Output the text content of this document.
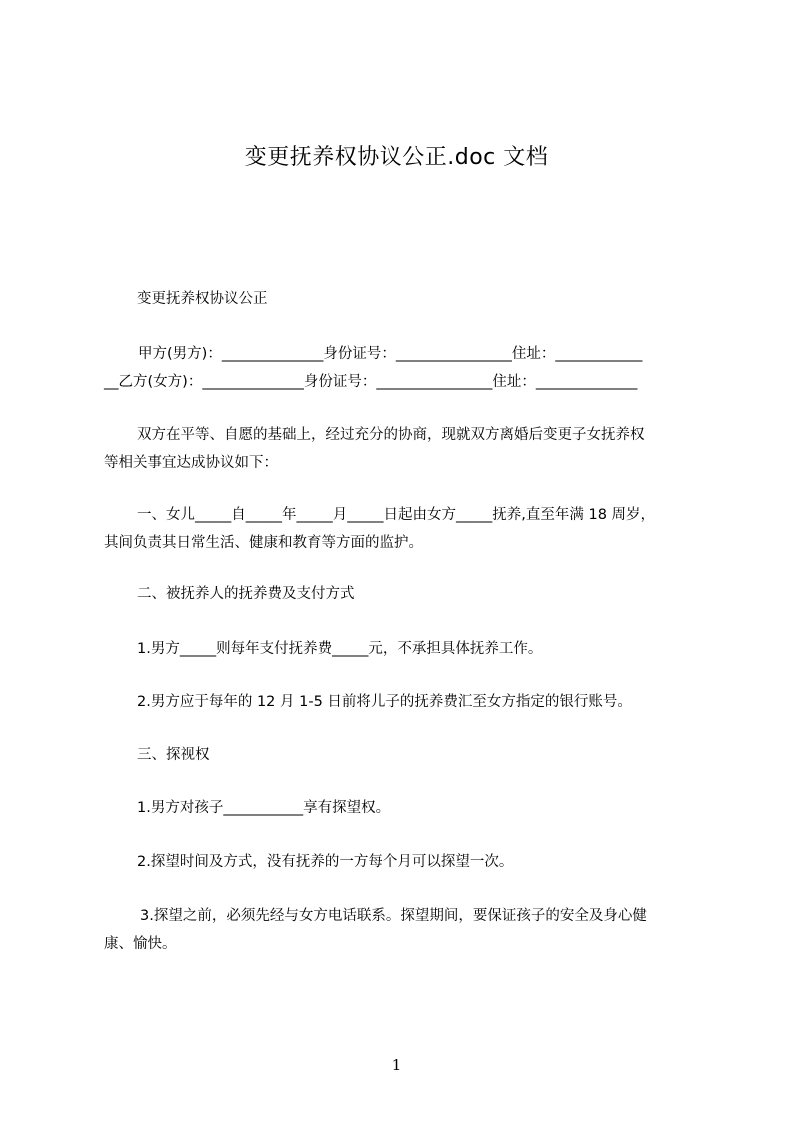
变更抚养权协议公正.doc 文档

变更抚养权协议公正

甲方(男方)：______________身份证号：________________住址：____________

__乙方(女方)：______________身份证号：________________住址：______________

双方在平等、自愿的基础上，经过充分的协商，现就双方离婚后变更子女抚养权

等相关事宜达成协议如下：

一、女儿_____自_____年_____月_____日起由女方_____抚养,直至年满 18 周岁，

其间负责其日常生活、健康和教育等方面的监护。

二、被抚养人的抚养费及支付方式

1.男方_____则每年支付抚养费_____元，不承担具体抚养工作。

2.男方应于每年的 12 月 1-5 日前将儿子的抚养费汇至女方指定的银行账号。

三、探视权

1.男方对孩子___________享有探望权。

2.探望时间及方式，没有抚养的一方每个月可以探望一次。

3.探望之前，必须先经与女方电话联系。探望期间，要保证孩子的安全及身心健

康、愉快。

1
